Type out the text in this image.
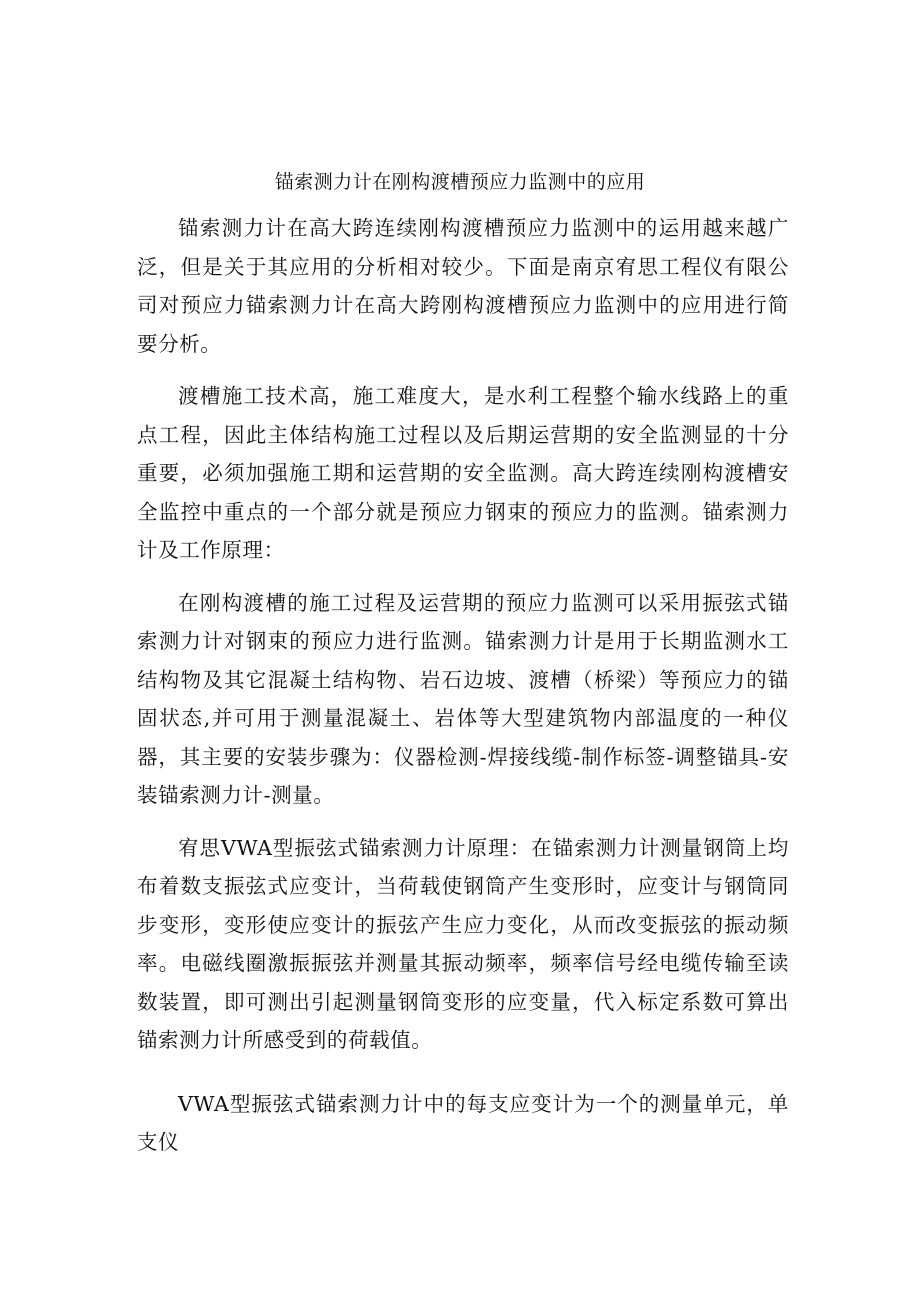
锚索测力计在刚构渡槽预应力监测中的应用

锚索测力计在高大跨连续刚构渡槽预应力监测中的运用越来越广泛，但是关于其应用的分析相对较少。下面是南京宥思工程仪有限公司对预应力锚索测力计在高大跨刚构渡槽预应力监测中的应用进行简要分析。

渡槽施工技术高，施工难度大，是水利工程整个输水线路上的重点工程，因此主体结构施工过程以及后期运营期的安全监测显的十分重要，必须加强施工期和运营期的安全监测。高大跨连续刚构渡槽安全监控中重点的一个部分就是预应力钢束的预应力的监测。锚索测力计及工作原理：

在刚构渡槽的施工过程及运营期的预应力监测可以采用振弦式锚索测力计对钢束的预应力进行监测。锚索测力计是用于长期监测水工结构物及其它混凝土结构物、岩石边坡、渡槽（桥梁）等预应力的锚固状态,并可用于测量混凝土、岩体等大型建筑物内部温度的一种仪器，其主要的安装步骤为：仪器检测-焊接线缆-制作标签-调整锚具-安装锚索测力计-测量。

宥思VWA型振弦式锚索测力计原理：在锚索测力计测量钢筒上均布着数支振弦式应变计，当荷载使钢筒产生变形时，应变计与钢筒同步变形，变形使应变计的振弦产生应力变化，从而改变振弦的振动频率。电磁线圈激振振弦并测量其振动频率，频率信号经电缆传输至读数装置，即可测出引起测量钢筒变形的应变量，代入标定系数可算出锚索测力计所感受到的荷载值。

VWA型振弦式锚索测力计中的每支应变计为一个的测量单元，单支仪
